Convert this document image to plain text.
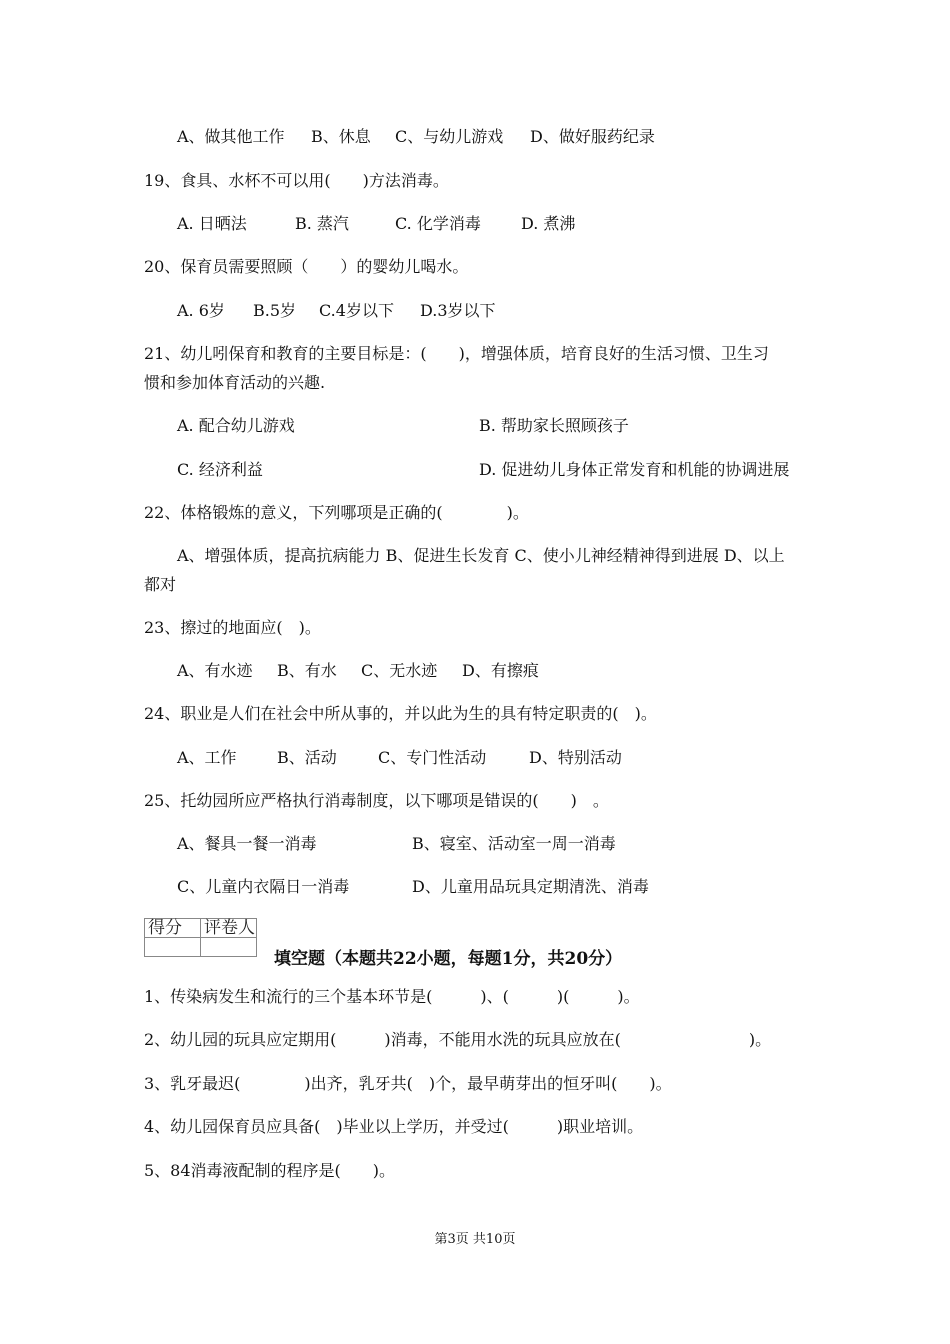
A、做其他工作 B、休息 C、与幼儿游戏 D、做好服药纪录
19、食具、水杯不可以用(　　)方法消毒。
A. 日晒法	B. 蒸汽	C. 化学消毒	D. 煮沸
20、保育员需要照顾（　　）的婴幼儿喝水。
A. 6岁 B.5岁 C.4岁以下 D.3岁以下
21、幼儿吲保育和教育的主要目标是：(　　)，增强体质，培育良好的生活习惯、卫生习
惯和参加体育活动的兴趣.
A. 配合幼儿游戏	B. 帮助家长照顾孩子
C. 经济利益	D. 促进幼儿身体正常发育和机能的协调进展
22、体格锻炼的意义，下列哪项是正确的(　　　　)。
A、增强体质，提高抗病能力 B、促进生长发育 C、使小儿神经精神得到进展 D、以上
都对
23、擦过的地面应(　)。
A、有水迹 B、有水 C、无水迹 D、有擦痕
24、职业是人们在社会中所从事的，并以此为生的具有特定职责的(　)。
A、工作	B、活动	C、专门性活动	D、特别活动
25、托幼园所应严格执行消毒制度，以下哪项是错误的(　　)　。
A、餐具一餐一消毒	B、寝室、活动室一周一消毒
C、儿童内衣隔日一消毒	D、儿童用品玩具定期清洗、消毒
得分	评卷人

填空题（本题共22小题，每题1分，共20分）
1、传染病发生和流行的三个基本环节是(　　　)、(　　　)(　　　)。
2、幼儿园的玩具应定期用(　　　)消毒，不能用水洗的玩具应放在(　　　　　　　　)。
3、乳牙最迟(　　　　)出齐，乳牙共(　)个，最早萌芽出的恒牙叫(　　)。
4、幼儿园保育员应具备(　)毕业以上学历，并受过(　　　)职业培训。
5、84消毒液配制的程序是(　　)。
第3页 共10页
